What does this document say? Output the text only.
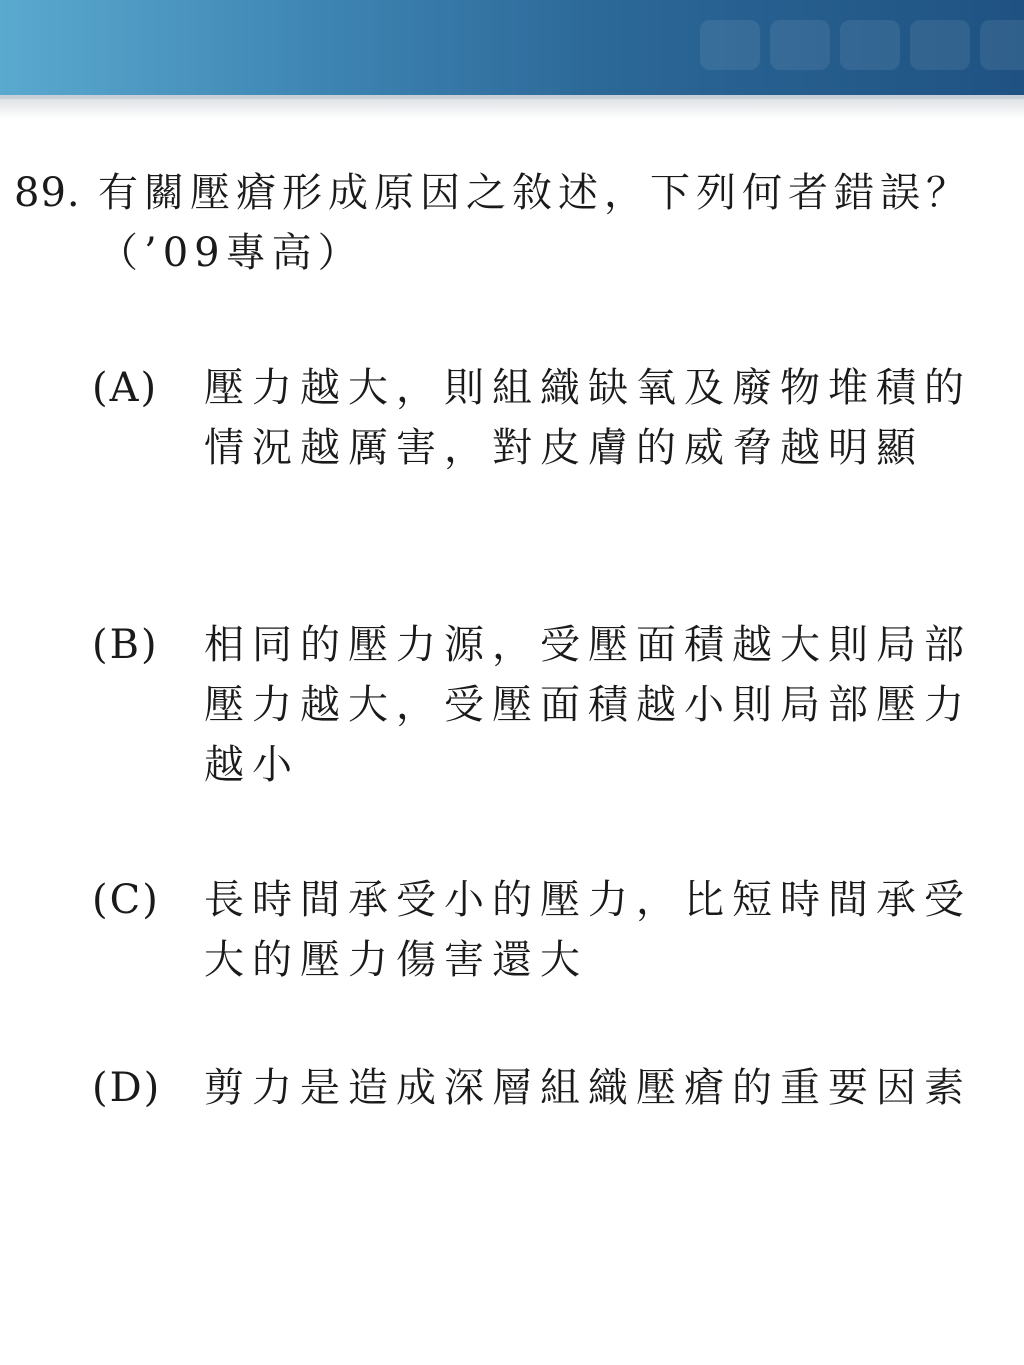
89. 有關壓瘡形成原因之敘述，下列何者錯誤？（’09專高）
(A)	壓力越大，則組織缺氧及廢物堆積的情況越厲害，對皮膚的威脅越明顯
(B)	相同的壓力源，受壓面積越大則局部壓力越大，受壓面積越小則局部壓力越小
(C)	長時間承受小的壓力，比短時間承受大的壓力傷害還大
(D)	剪力是造成深層組織壓瘡的重要因素
